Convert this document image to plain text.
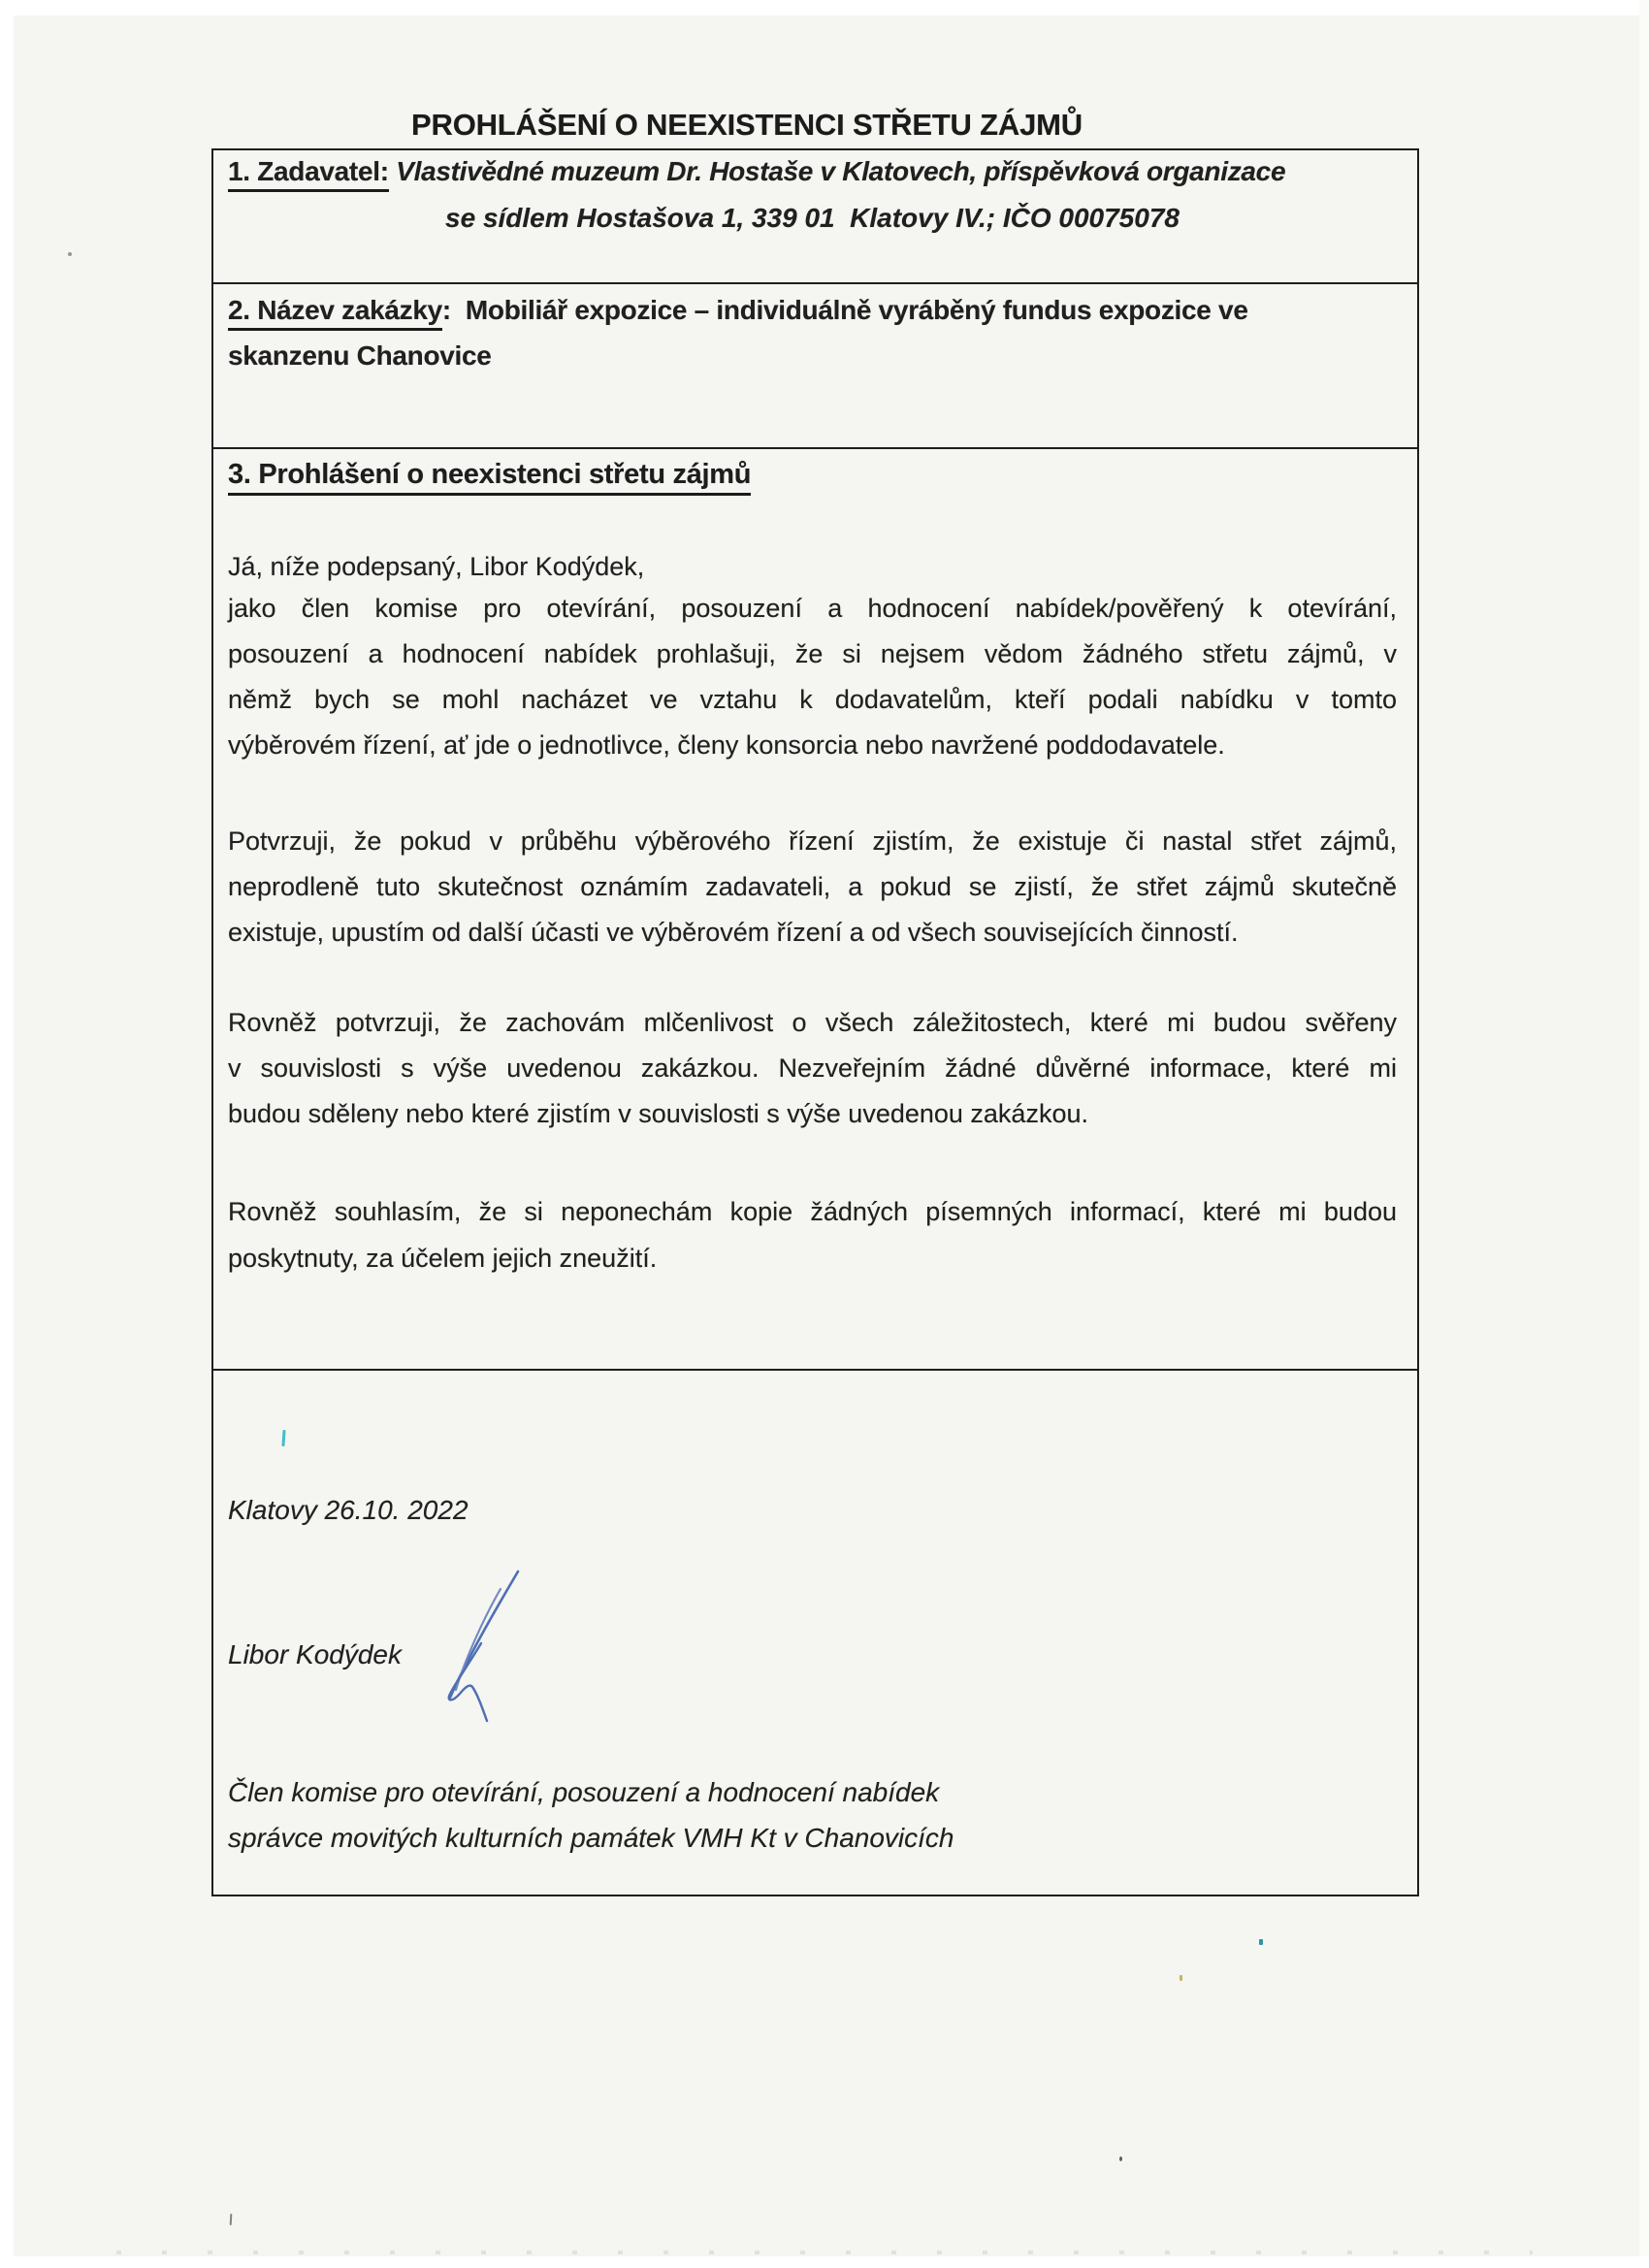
PROHLÁŠENÍ O NEEXISTENCI STŘETU ZÁJMŮ
1. Zadavatel: Vlastivědné muzeum Dr. Hostaše v Klatovech, příspěvková organizace
se sídlem Hostašova 1, 339 01  Klatovy IV.; IČO 00075078
2. Název zakázky:  Mobiliář expozice – individuálně vyráběný fundus expozice ve
skanzenu Chanovice
3. Prohlášení o neexistenci střetu zájmů
Já, níže podepsaný, Libor Kodýdek,
jako člen komise pro otevírání, posouzení a hodnocení nabídek/pověřený k otevírání,
posouzení a hodnocení nabídek prohlašuji, že si nejsem vědom žádného střetu zájmů, v
němž bych se mohl nacházet ve vztahu k dodavatelům, kteří podali nabídku v tomto
výběrovém řízení, ať jde o jednotlivce, členy konsorcia nebo navržené poddodavatele.
Potvrzuji, že pokud v průběhu výběrového řízení zjistím, že existuje či nastal střet zájmů,
neprodleně tuto skutečnost oznámím zadavateli, a pokud se zjistí, že střet zájmů skutečně
existuje, upustím od další účasti ve výběrovém řízení a od všech souvisejících činností.
Rovněž potvrzuji, že zachovám mlčenlivost o všech záležitostech, které mi budou svěřeny
v souvislosti s výše uvedenou zakázkou. Nezveřejním žádné důvěrné informace, které mi
budou sděleny nebo které zjistím v souvislosti s výše uvedenou zakázkou.
Rovněž souhlasím, že si neponechám kopie žádných písemných informací, které mi budou
poskytnuty, za účelem jejich zneužití.
Klatovy 26.10. 2022
Libor Kodýdek
Člen komise pro otevírání, posouzení a hodnocení nabídek
správce movitých kulturních památek VMH Kt v Chanovicích
